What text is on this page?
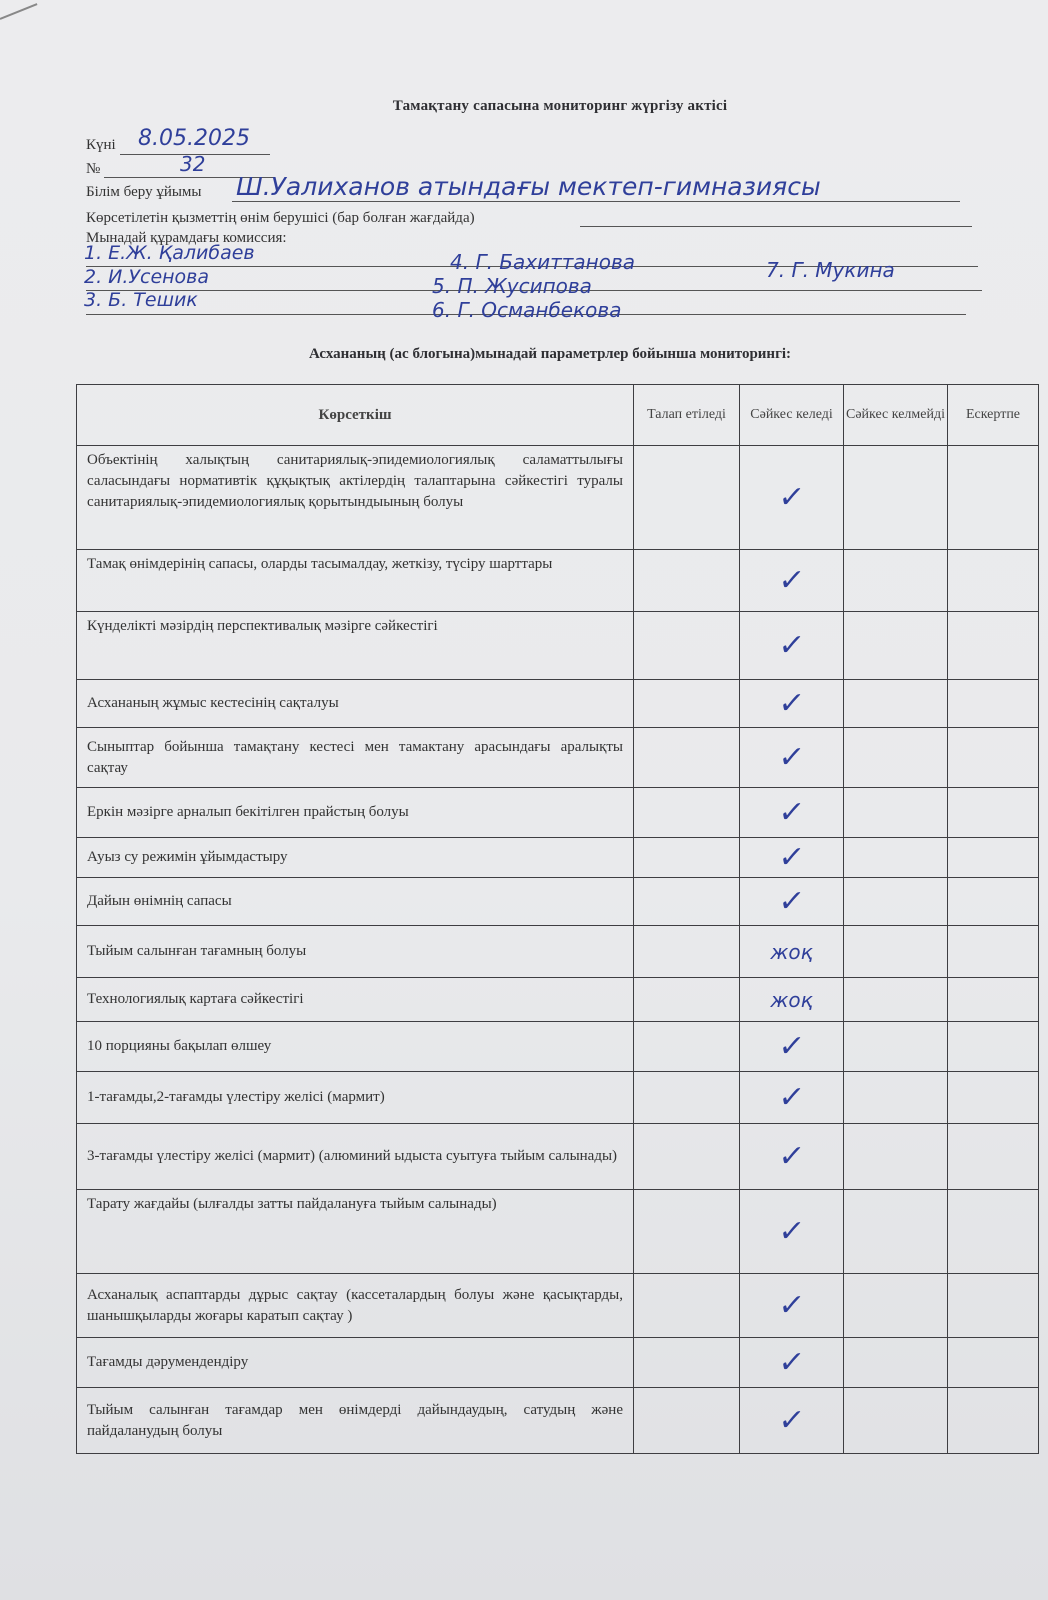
Тамақтану сапасына мониторинг жүргізу актісі
Күні 8.05.2025
№	32
Білім беру ұйымы Ш.Уалиханов атындағы мектеп-гимназиясы
Көрсетілетін қызметтің өнім берушісі (бар болған жағдайда)
Мынадай құрамдағы комиссия:
1. Е.Ж. Қалибаев
2. И.Усенова
3. Б. Тешик
4. Г. Бахиттанова
5. П. Жусипова
6. Г. Османбекова
7. Г. Мукина
Асхананың (ас блогына)мынадай параметрлер бойынша мониторингі:
Көрсеткіш	Талап етіледі	Сәйкес келеді	Сәйкес келмейді	Ескертпе
Объектінің халықтың санитариялық-эпидемиологиялық саламаттылығы саласындағы нормативтік құқықтық актілердің талаптарына сәйкестігі туралы санитариялық-эпидемиологиялық қорытындыының болуы		✓		
Тамақ өнімдерінің сапасы, оларды тасымалдау, жеткізу, түсіру шарттары		✓		
Күнделікті мәзірдің перспективалық мәзірге сәйкестігі		✓		
Асхананың жұмыс кестесінің сақталуы		✓		
Сыныптар бойынша тамақтану кестесі мен тамактану арасындағы аралықты сақтау		✓		
Еркін мәзірге арналып бекітілген прайстың болуы		✓		
Ауыз су режимін ұйымдастыру		✓		
Дайын өнімнің сапасы		✓		
Тыйым салынған тағамның болуы		жоқ		
Технологиялық картаға сәйкестігі		жоқ		
10 порцияны бақылап өлшеу		✓		
1-тағамды,2-тағамды үлестіру желісі (мармит)		✓		
3-тағамды үлестіру желісі (мармит) (алюминий ыдыста суытуға тыйым салынады)		✓		
Тарату жағдайы (ылғалды затты пайдалануға тыйым салынады)		✓		
Асханалық аспаптарды дұрыс сақтау (кассеталардың болуы және қасықтарды, шанышқыларды жоғары каратып сақтау )		✓		
Тағамды дәрумендендіру		✓		
Тыйым салынған тағамдар мен өнімдерді дайындаудың, сатудың және пайдаланудың болуы		✓		
